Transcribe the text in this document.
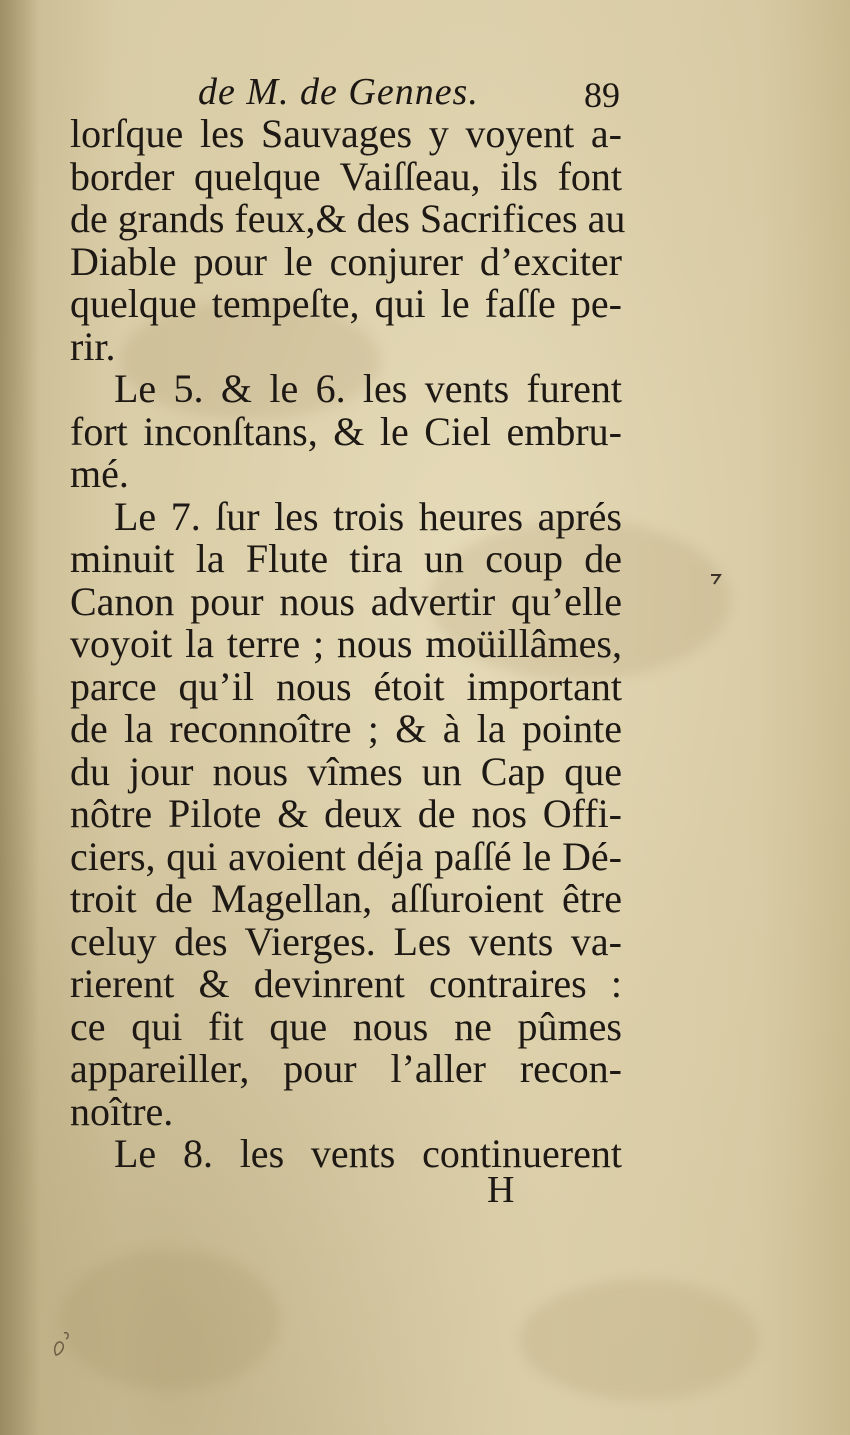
de M. de Gennes.	89
lorſque les Sauvages y voyent a-
border quelque Vaiſſeau, ils font
de grands feux,& des Sacrifices au
Diable pour le conjurer d’exciter
quelque tempeſte, qui le faſſe pe-
rir.
Le 5. & le 6. les vents furent
fort inconſtans, & le Ciel embru-
mé.
Le 7. ſur les trois heures aprés
minuit la Flute tira un coup de
Canon pour nous advertir qu’elle
voyoit la terre ; nous moüillâmes,
parce qu’il nous étoit important
de la reconnoître ; & à la pointe
du jour nous vîmes un Cap que
nôtre Pilote & deux de nos Offi-
ciers, qui avoient déja paſſé le Dé-
troit de Magellan, aſſuroient être
celuy des Vierges. Les vents va-
rierent & devinrent contraires :
ce qui fit que nous ne pûmes
appareiller, pour l’aller recon-
noître.
Le 8. les vents continuerent
H
